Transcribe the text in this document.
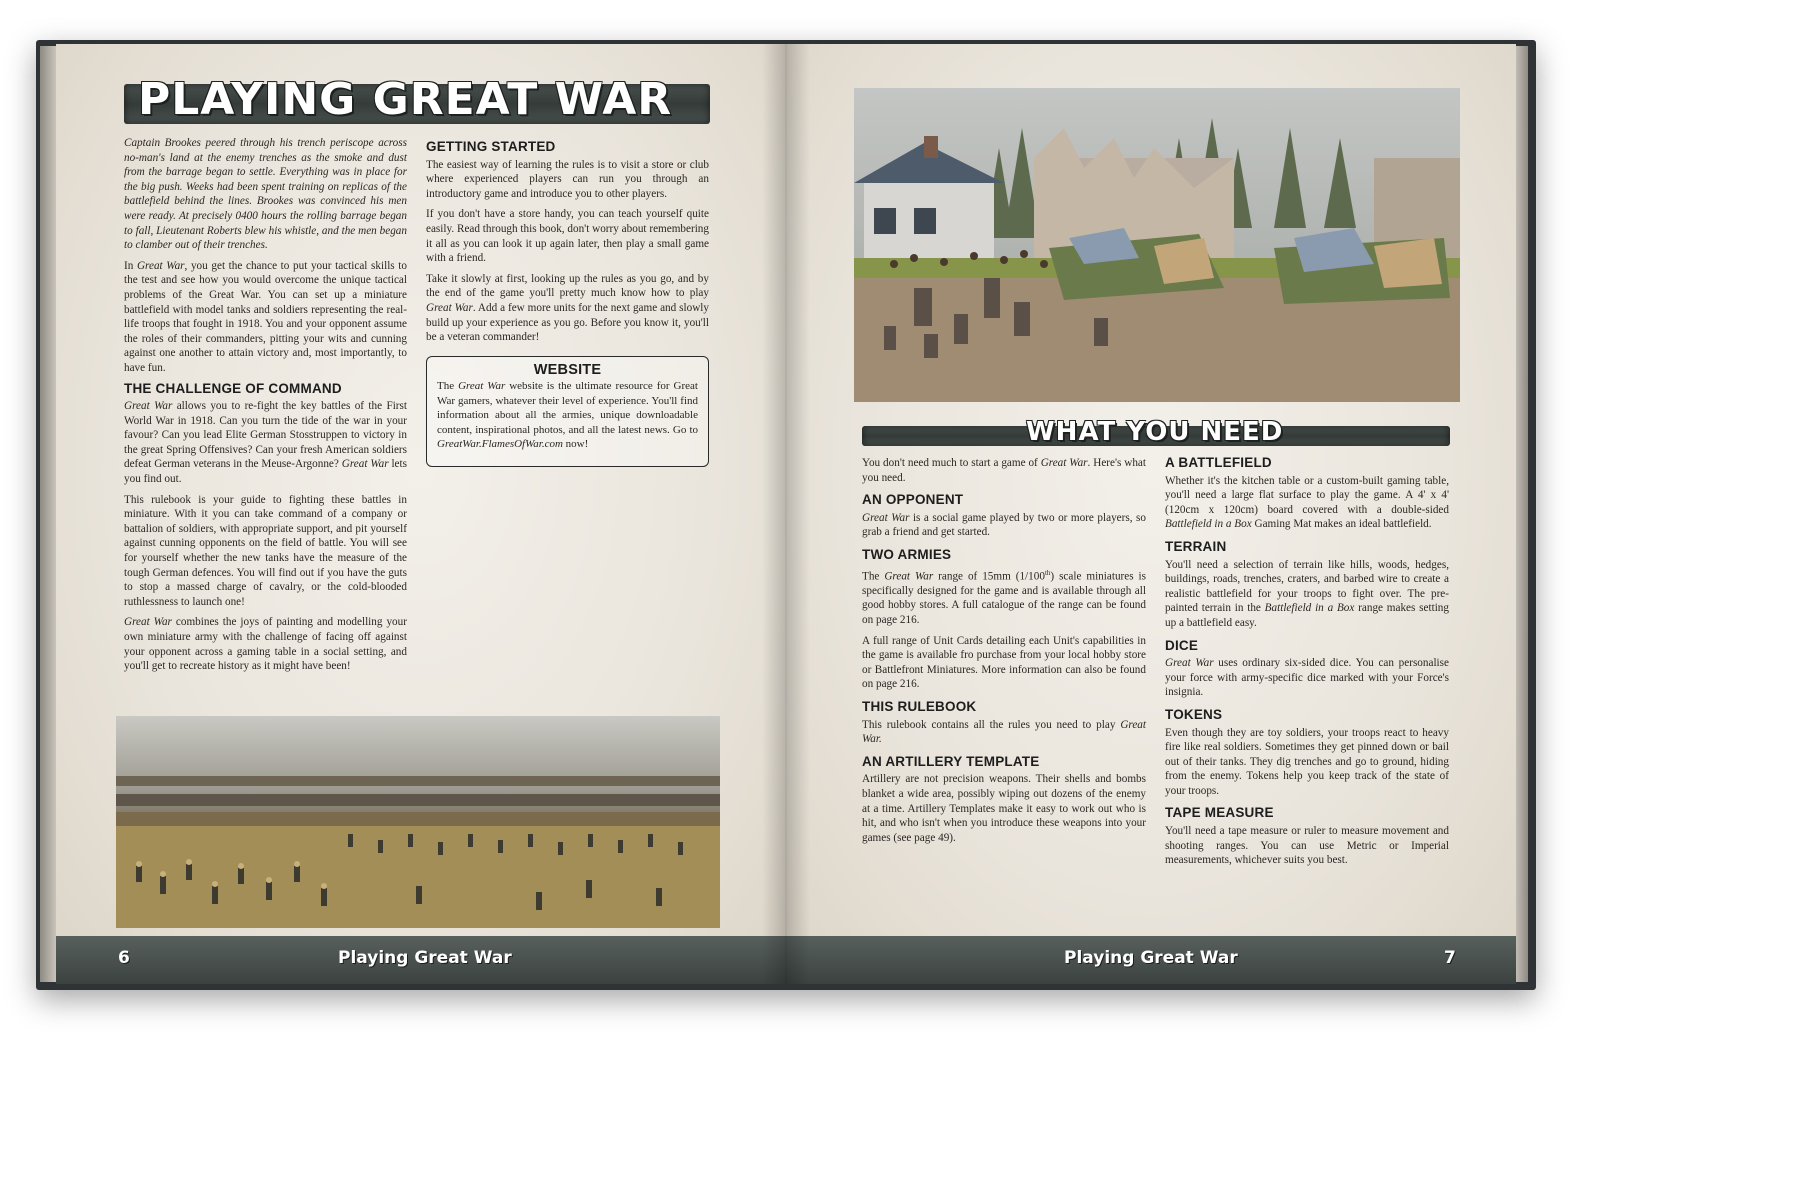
PLAYING GREAT WAR

Captain Brookes peered through his trench periscope across no-man's land at the enemy trenches as the smoke and dust from the barrage began to settle. Everything was in place for the big push. Weeks had been spent training on replicas of the battlefield behind the lines. Brookes was convinced his men were ready. At precisely 0400 hours the rolling barrage began to fall, Lieutenant Roberts blew his whistle, and the men began to clamber out of their trenches.

In Great War, you get the chance to put your tactical skills to the test and see how you would overcome the unique tactical problems of the Great War. You can set up a miniature battlefield with model tanks and soldiers representing the real-life troops that fought in 1918. You and your opponent assume the roles of their commanders, pitting your wits and cunning against one another to attain victory and, most importantly, to have fun.

THE CHALLENGE OF COMMAND

Great War allows you to re-fight the key battles of the First World War in 1918. Can you turn the tide of the war in your favour? Can you lead Elite German Stosstruppen to victory in the great Spring Offensives? Can your fresh American soldiers defeat German veterans in the Meuse-Argonne? Great War lets you find out.

This rulebook is your guide to fighting these battles in miniature. With it you can take command of a company or battalion of soldiers, with appropriate support, and pit yourself against cunning opponents on the field of battle. You will see for yourself whether the new tanks have the measure of the tough German defences. You will find out if you have the guts to stop a massed charge of cavalry, or the cold-blooded ruthlessness to launch one!

Great War combines the joys of painting and modelling your own miniature army with the challenge of facing off against your opponent across a gaming table in a social setting, and you'll get to recreate history as it might have been!

GETTING STARTED

The easiest way of learning the rules is to visit a store or club where experienced players can run you through an introductory game and introduce you to other players.

If you don't have a store handy, you can teach yourself quite easily. Read through this book, don't worry about remembering it all as you can look it up again later, then play a small game with a friend.

Take it slowly at first, looking up the rules as you go, and by the end of the game you'll pretty much know how to play Great War. Add a few more units for the next game and slowly build up your experience as you go. Before you know it, you'll be a veteran commander!

WEBSITE
The Great War website is the ultimate resource for Great War gamers, whatever their level of experience. You'll find information about all the armies, unique downloadable content, inspirational photos, and all the latest news. Go to GreatWar.FlamesOfWar.com now!
6	Playing Great War
WHAT YOU NEED

You don't need much to start a game of Great War. Here's what you need.

AN OPPONENT

Great War is a social game played by two or more players, so grab a friend and get started.

TWO ARMIES

The Great War range of 15mm (1/100th) scale miniatures is specifically designed for the game and is available through all good hobby stores. A full catalogue of the range can be found on page 216.

A full range of Unit Cards detailing each Unit's capabilities in the game is available fro purchase from your local hobby store or Battlefront Miniatures. More information can also be found on page 216.

THIS RULEBOOK

This rulebook contains all the rules you need to play Great War.

AN ARTILLERY TEMPLATE

Artillery are not precision weapons. Their shells and bombs blanket a wide area, possibly wiping out dozens of the enemy at a time. Artillery Templates make it easy to work out who is hit, and who isn't when you introduce these weapons into your games (see page 49).

A BATTLEFIELD

Whether it's the kitchen table or a custom-built gaming table, you'll need a large flat surface to play the game. A 4' x 4' (120cm x 120cm) board covered with a double-sided Battlefield in a Box Gaming Mat makes an ideal battlefield.

TERRAIN

You'll need a selection of terrain like hills, woods, hedges, buildings, roads, trenches, craters, and barbed wire to create a realistic battlefield for your troops to fight over. The pre-painted terrain in the Battlefield in a Box range makes setting up a battlefield easy.

DICE

Great War uses ordinary six-sided dice. You can personalise your force with army-specific dice marked with your Force's insignia.

TOKENS

Even though they are toy soldiers, your troops react to heavy fire like real soldiers. Sometimes they get pinned down or bail out of their tanks. They dig trenches and go to ground, hiding from the enemy. Tokens help you keep track of the state of your troops.

TAPE MEASURE

You'll need a tape measure or ruler to measure movement and shooting ranges. You can use Metric or Imperial measurements, whichever suits you best.

Playing Great War	7
